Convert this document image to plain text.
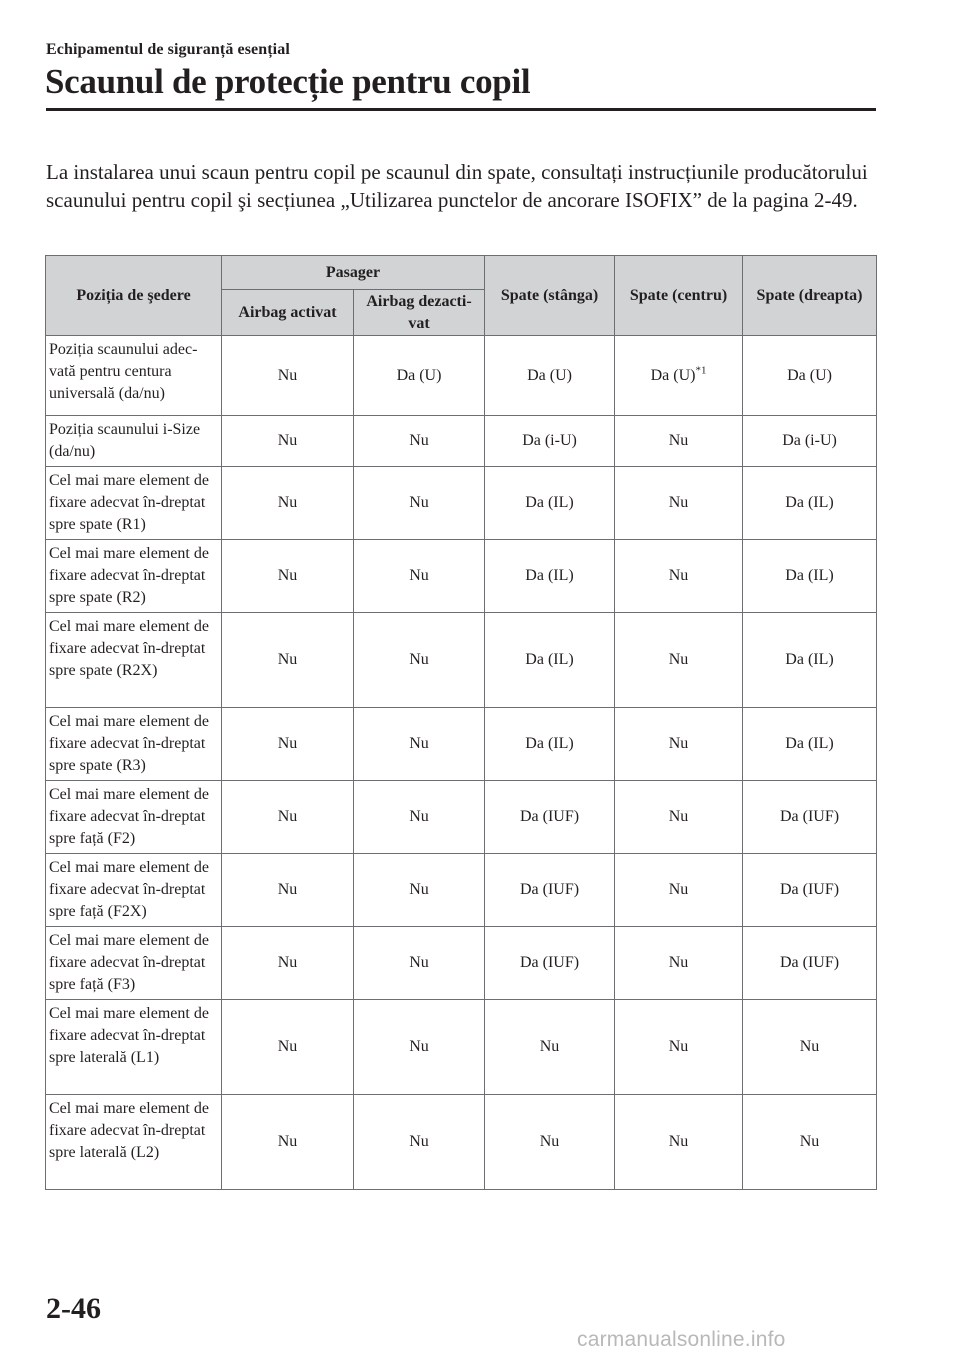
Echipamentul de siguranță esențial
Scaunul de protecție pentru copil

La instalarea unui scaun pentru copil pe scaunul din spate, consultați instrucțiunile producătorului scaunului pentru copil şi secțiunea „Utilizarea punctelor de ancorare ISOFIX” de la pagina 2-49.

Poziția de şedere	Pasager		Spate (stânga)	Spate (centru)	Spate (dreapta)
	Airbag activat	Airbag dezacti-vat			
Poziția scaunului adec-vată pentru centura universală (da/nu)	Nu	Da (U)	Da (U)	Da (U)$^{*1}$	Da (U)
Poziția scaunului i-Size (da/nu)	Nu	Nu	Da (i-U)	Nu	Da (i-U)
Cel mai mare element de fixare adecvat în-dreptat spre spate (R1)	Nu	Nu	Da (IL)	Nu	Da (IL)
Cel mai mare element de fixare adecvat în-dreptat spre spate (R2)	Nu	Nu	Da (IL)	Nu	Da (IL)
Cel mai mare element de fixare adecvat în-dreptat spre spate (R2X)	Nu	Nu	Da (IL)	Nu	Da (IL)
Cel mai mare element de fixare adecvat în-dreptat spre spate (R3)	Nu	Nu	Da (IL)	Nu	Da (IL)
Cel mai mare element de fixare adecvat în-dreptat spre față (F2)	Nu	Nu	Da (IUF)	Nu	Da (IUF)
Cel mai mare element de fixare adecvat în-dreptat spre față (F2X)	Nu	Nu	Da (IUF)	Nu	Da (IUF)
Cel mai mare element de fixare adecvat în-dreptat spre față (F3)	Nu	Nu	Da (IUF)	Nu	Da (IUF)
Cel mai mare element de fixare adecvat în-dreptat spre laterală (L1)	Nu	Nu	Nu	Nu	Nu
Cel mai mare element de fixare adecvat în-dreptat spre laterală (L2)	Nu	Nu	Nu	Nu	Nu
2-46
carmanualsonline.info
